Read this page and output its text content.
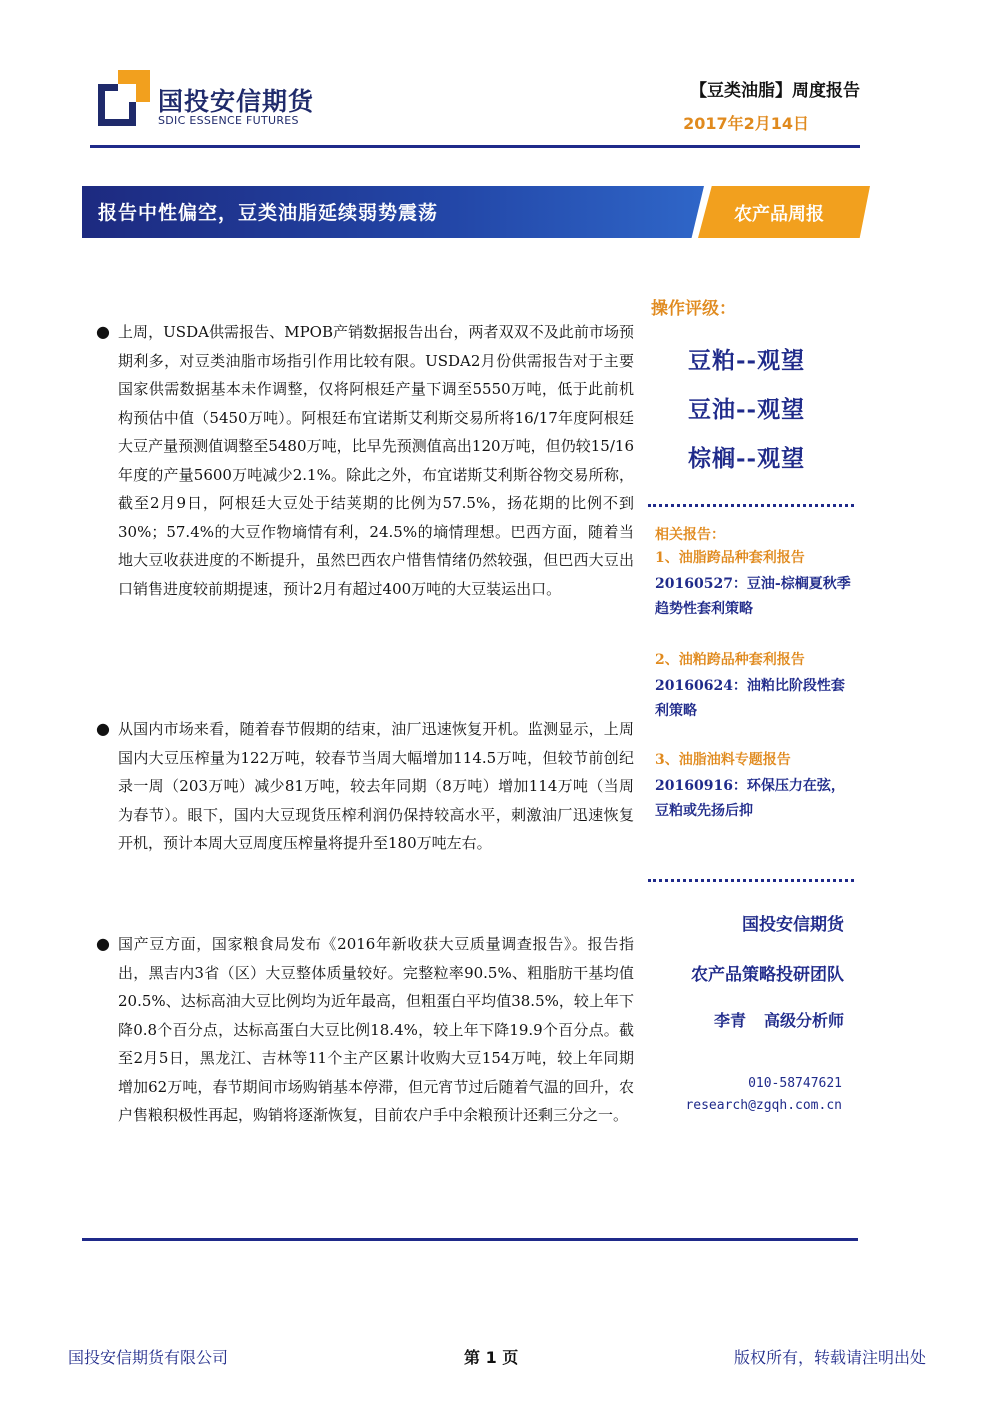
国投安信期货
SDIC ESSENCE FUTURES
【豆类油脂】周度报告
2017年2月14日
报告中性偏空，豆类油脂延续弱势震荡	农产品周报
● 上周，USDA供需报告、MPOB产销数据报告出台，两者双双不及此前市场预期利多，对豆类油脂市场指引作用比较有限。USDA2月份供需报告对于主要国家供需数据基本未作调整，仅将阿根廷产量下调至5550万吨，低于此前机构预估中值（5450万吨）。阿根廷布宜诺斯艾利斯交易所将16/17年度阿根廷大豆产量预测值调整至5480万吨，比早先预测值高出120万吨，但仍较15/16年度的产量5600万吨减少2.1%。除此之外，布宜诺斯艾利斯谷物交易所称，截至2月9日，阿根廷大豆处于结荚期的比例为57.5%，扬花期的比例不到30%；57.4%的大豆作物墒情有利，24.5%的墒情理想。巴西方面，随着当地大豆收获进度的不断提升，虽然巴西农户惜售情绪仍然较强，但巴西大豆出口销售进度较前期提速，预计2月有超过400万吨的大豆装运出口。
● 从国内市场来看，随着春节假期的结束，油厂迅速恢复开机。监测显示，上周国内大豆压榨量为122万吨，较春节当周大幅增加114.5万吨，但较节前创纪录一周（203万吨）减少81万吨，较去年同期（8万吨）增加114万吨（当周为春节）。眼下，国内大豆现货压榨利润仍保持较高水平，刺激油厂迅速恢复开机，预计本周大豆周度压榨量将提升至180万吨左右。
● 国产豆方面，国家粮食局发布《2016年新收获大豆质量调查报告》。报告指出，黑吉内3省（区）大豆整体质量较好。完整粒率90.5%、粗脂肪干基均值20.5%、达标高油大豆比例均为近年最高，但粗蛋白平均值38.5%，较上年下降0.8个百分点，达标高蛋白大豆比例18.4%，较上年下降19.9个百分点。截至2月5日，黑龙江、吉林等11个主产区累计收购大豆154万吨，较上年同期增加62万吨，春节期间市场购销基本停滞，但元宵节过后随着气温的回升，农户售粮积极性再起，购销将逐渐恢复，目前农户手中余粮预计还剩三分之一。
操作评级：
豆粕--观望
豆油--观望
棕榈--观望
相关报告：
1、油脂跨品种套利报告
20160527：豆油-棕榈夏秋季趋势性套利策略
2、油粕跨品种套利报告
20160624：油粕比阶段性套利策略
3、油脂油料专题报告
20160916：环保压力在弦，豆粕或先扬后抑
国投安信期货
农产品策略投研团队
李青 高级分析师
010-58747621
research@zgqh.com.cn
国投安信期货有限公司	第 1 页	版权所有，转载请注明出处
